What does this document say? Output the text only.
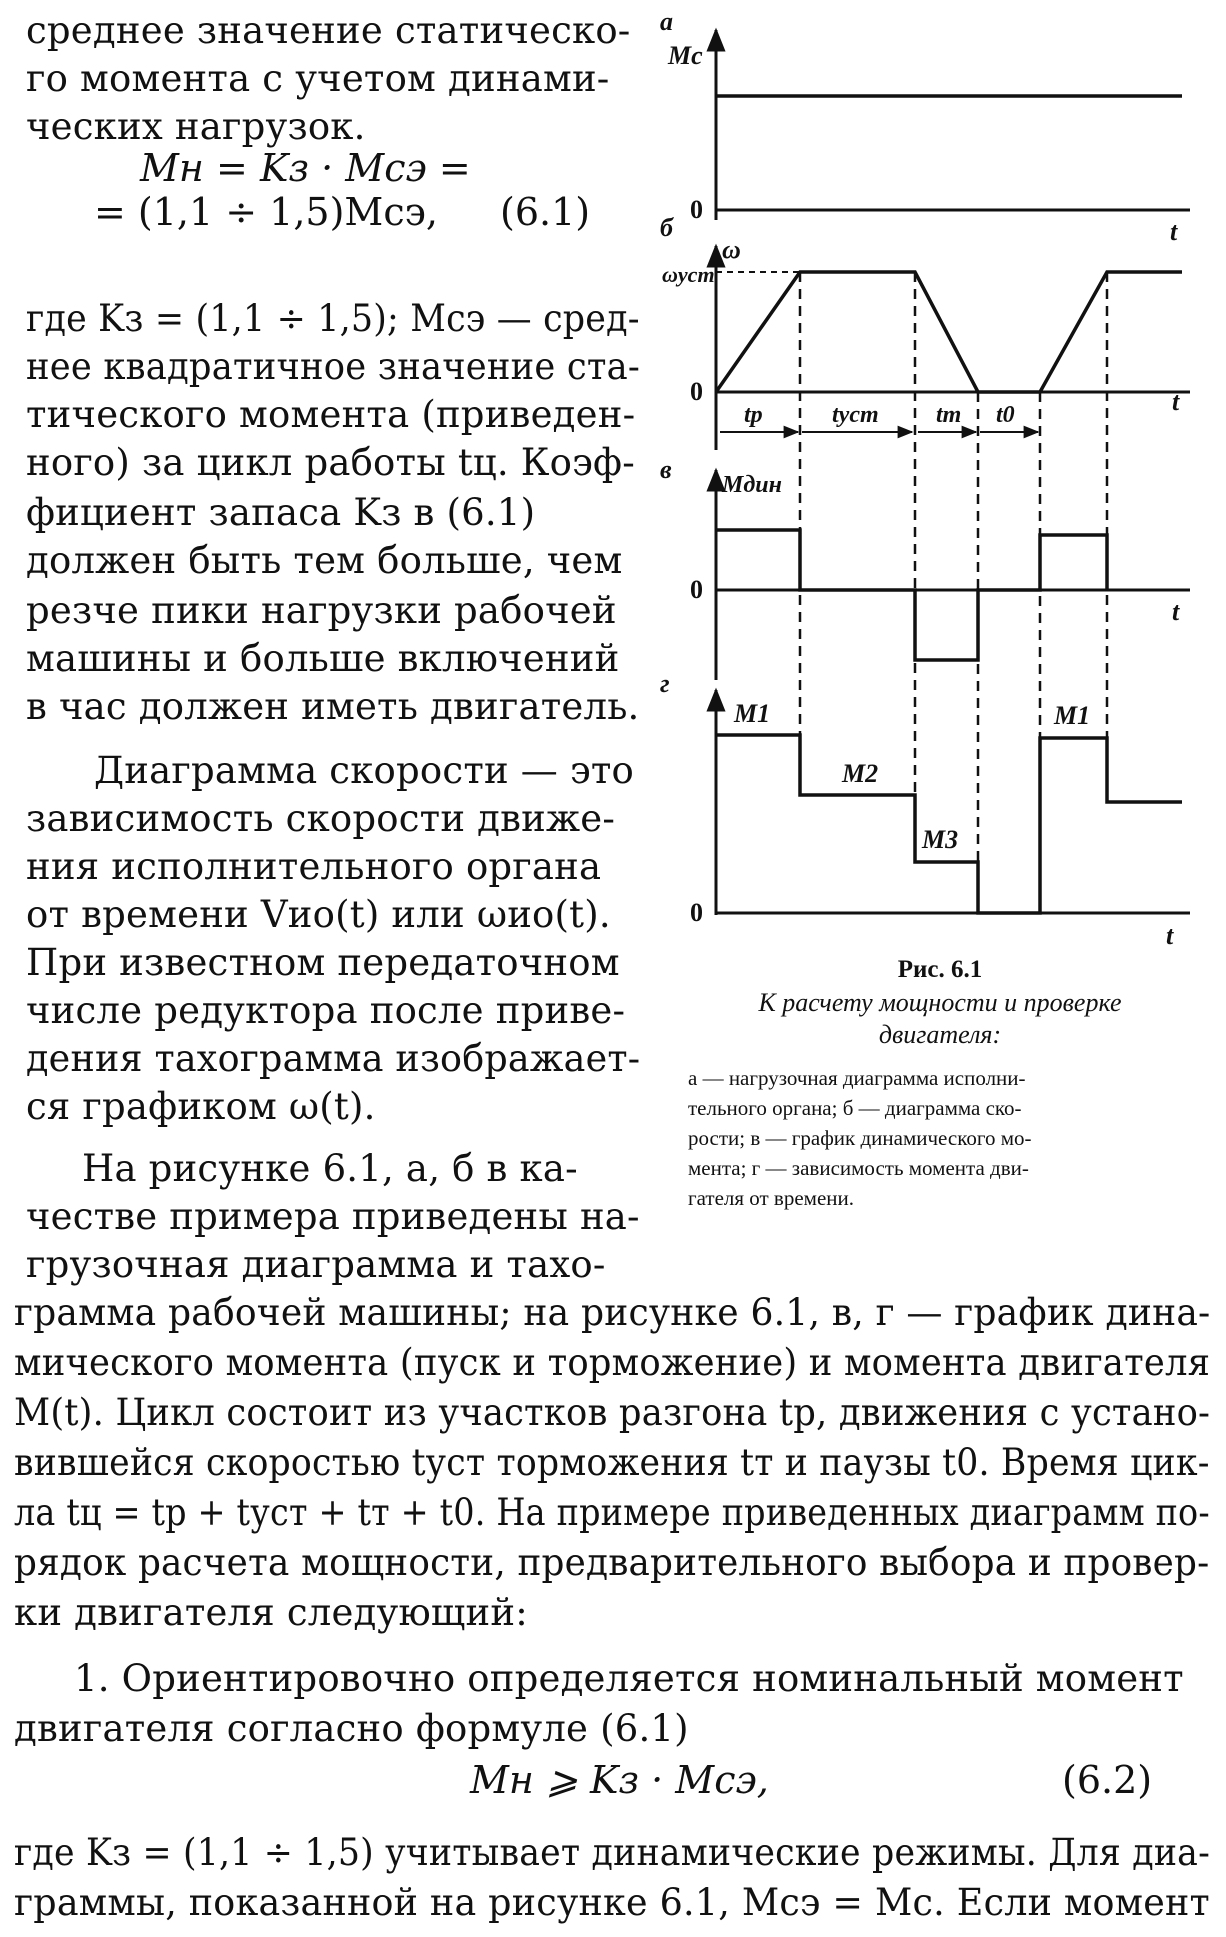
среднее значение статическо-
го момента с учетом динами-
ческих нагрузок.
где Kз = (1,1 ÷ 1,5); Mсэ — сред-
нее квадратичное значение ста-
тического момента (приведен-
ного) за цикл работы tц. Коэф-
фициент запаса Kз в (6.1)
должен быть тем больше, чем
резче пики нагрузки рабочей
машины и больше включений
в час должен иметь двигатель.
Диаграмма скорости — это
зависимость скорости движе-
ния исполнительного органа
от времени Vио(t) или ωио(t).
При известном передаточном
числе редуктора после приве-
дения тахограмма изображает-
ся графиком ω(t).
На рисунке 6.1, а, б в ка-
честве примера приведены на-
грузочная диаграмма и тахо-
Mн = Kз · Mсэ =
= (1,1 ÷ 1,5)Mсэ, (6.1)
грамма рабочей машины; на рисунке 6.1, в, г — график дина-
мического момента (пуск и торможение) и момента двигателя
M(t). Цикл состоит из участков разгона tр, движения с устано-
вившейся скоростью tуст торможения tт и паузы t0. Время цик-
ла tц = tр + tуст + tт + t0. На примере приведенных диаграмм по-
рядок расчета мощности, предварительного выбора и провер-
ки двигателя следующий:
1. Ориентировочно определяется номинальный момент
двигателя согласно формуле (6.1)
где Kз = (1,1 ÷ 1,5) учитывает динамические режимы. Для диа-
граммы, показанной на рисунке 6.1, Mсэ = Mс. Если момент
Mн ⩾ Kз · Mсэ,	(6.2)
а
б
в
г
Mс
0
t
ω
ωуст
0	t
tр	tуст tт t0
Mдин
0
t
M1
M2
M3
M1
0
t
Рис. 6.1
К расчету мощности и проверке
двигателя:
а — нагрузочная диаграмма исполни-
тельного органа; б — диаграмма ско-
рости; в — график динамического мо-
мента; г — зависимость момента дви-
гателя от времени.
